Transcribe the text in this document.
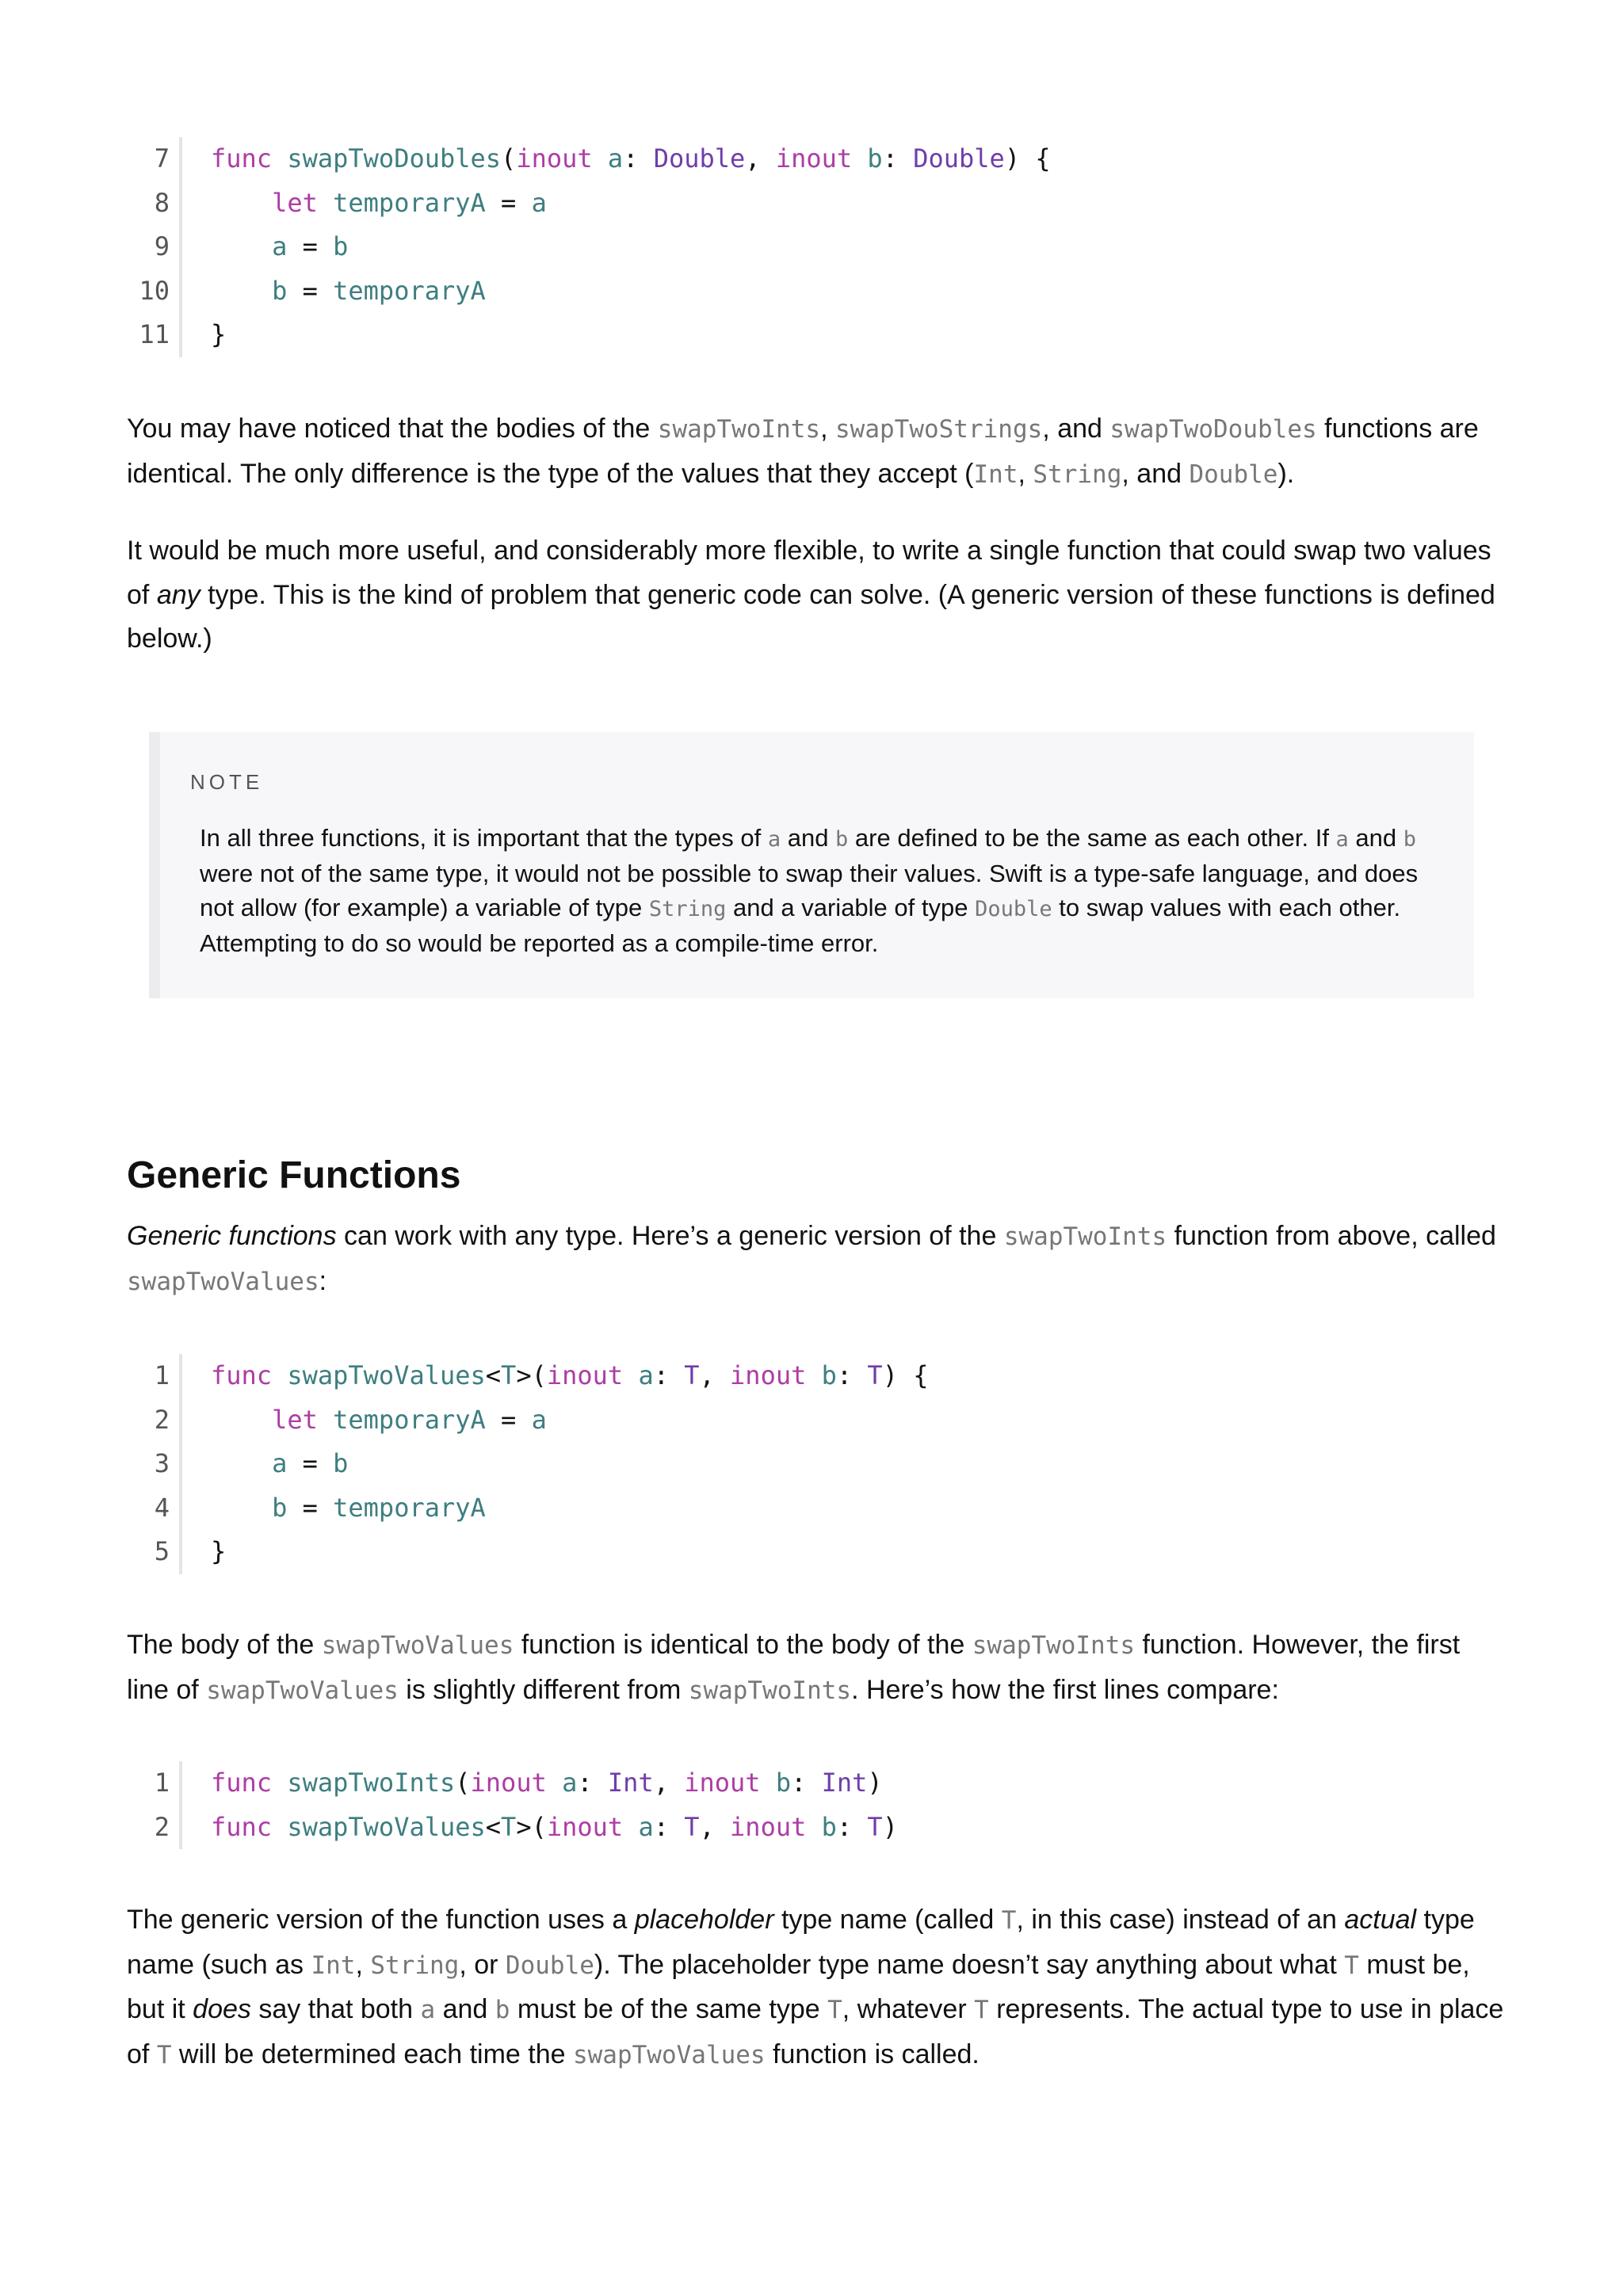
7
8
9
10
11
func swapTwoDoubles(inout a: Double, inout b: Double) {
let temporaryA = a
a = b
b = temporaryA
}

You may have noticed that the bodies of the swapTwoInts, swapTwoStrings, and swapTwoDoubles functions are identical. The only difference is the type of the values that they accept (Int, String, and Double).

It would be much more useful, and considerably more flexible, to write a single function that could swap two values of any type. This is the kind of problem that generic code can solve. (A generic version of these functions is defined below.)

NOTE

In all three functions, it is important that the types of a and b are defined to be the same as each other. If a and b were not of the same type, it would not be possible to swap their values. Swift is a type-safe language, and does not allow (for example) a variable of type String and a variable of type Double to swap values with each other. Attempting to do so would be reported as a compile-time error.

Generic Functions

Generic functions can work with any type. Here’s a generic version of the swapTwoInts function from above, called swapTwoValues:

1
2
3
4
5
func swapTwoValues<T>(inout a: T, inout b: T) {
let temporaryA = a
a = b
b = temporaryA
}

The body of the swapTwoValues function is identical to the body of the swapTwoInts function. However, the first line of swapTwoValues is slightly different from swapTwoInts. Here’s how the first lines compare:

1
2
func swapTwoInts(inout a: Int, inout b: Int)
func swapTwoValues<T>(inout a: T, inout b: T)

The generic version of the function uses a placeholder type name (called T, in this case) instead of an actual type name (such as Int, String, or Double). The placeholder type name doesn’t say anything about what T must be, but it does say that both a and b must be of the same type T, whatever T represents. The actual type to use in place of T will be determined each time the swapTwoValues function is called.
